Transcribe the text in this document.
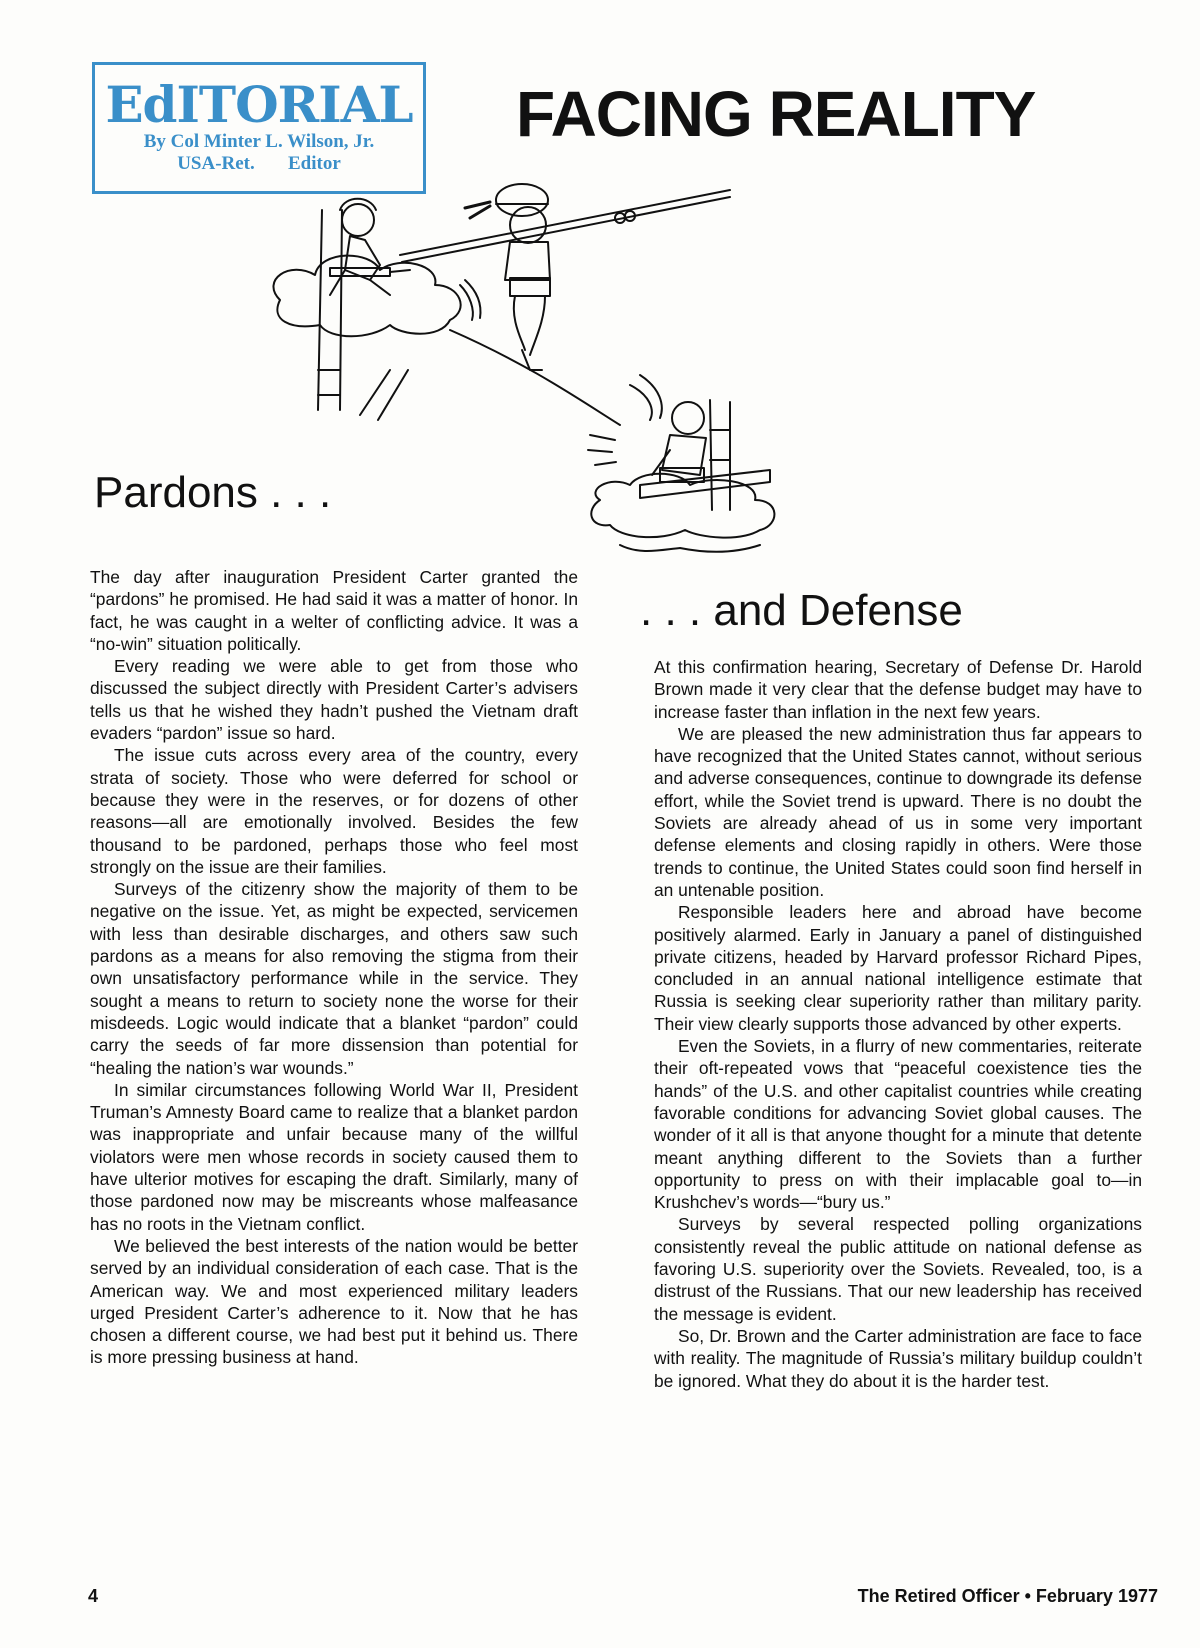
EdITORIAL
By Col Minter L. Wilson, Jr.
USA-Ret.       Editor
FACING REALITY
Pardons . . .

The day after inauguration President Carter granted the “pardons” he promised. He had said it was a matter of honor. In fact, he was caught in a welter of conflicting advice. It was a “no-win” situation politically.

Every reading we were able to get from those who discussed the subject directly with President Carter’s advisers tells us that he wished they hadn’t pushed the Vietnam draft evaders “pardon” issue so hard.

The issue cuts across every area of the country, every strata of society. Those who were deferred for school or because they were in the reserves, or for dozens of other reasons—all are emotionally involved. Besides the few thousand to be pardoned, perhaps those who feel most strongly on the issue are their families.

Surveys of the citizenry show the majority of them to be negative on the issue. Yet, as might be expected, servicemen with less than desirable discharges, and others saw such pardons as a means for also removing the stigma from their own unsatisfactory performance while in the service. They sought a means to return to society none the worse for their misdeeds. Logic would indicate that a blanket “pardon” could carry the seeds of far more dissension than potential for “healing the nation’s war wounds.”

In similar circumstances following World War II, President Truman’s Amnesty Board came to realize that a blanket pardon was inappropriate and unfair because many of the willful violators were men whose records in society caused them to have ulterior motives for escaping the draft. Similarly, many of those pardoned now may be miscreants whose malfeasance has no roots in the Vietnam conflict.

We believed the best interests of the nation would be better served by an individual consideration of each case. That is the American way. We and most experienced military leaders urged President Carter’s adherence to it. Now that he has chosen a different course, we had best put it behind us. There is more pressing business at hand.

. . . and Defense

At this confirmation hearing, Secretary of Defense Dr. Harold Brown made it very clear that the defense budget may have to increase faster than inflation in the next few years.

We are pleased the new administration thus far appears to have recognized that the United States cannot, without serious and adverse consequences, continue to downgrade its defense effort, while the Soviet trend is upward. There is no doubt the Soviets are already ahead of us in some very important defense elements and closing rapidly in others. Were those trends to continue, the United States could soon find herself in an untenable position.

Responsible leaders here and abroad have become positively alarmed. Early in January a panel of distinguished private citizens, headed by Harvard professor Richard Pipes, concluded in an annual national intelligence estimate that Russia is seeking clear superiority rather than military parity. Their view clearly supports those advanced by other experts.

Even the Soviets, in a flurry of new commentaries, reiterate their oft-repeated vows that “peaceful coexistence ties the hands” of the U.S. and other capitalist countries while creating favorable conditions for advancing Soviet global causes. The wonder of it all is that anyone thought for a minute that detente meant anything different to the Soviets than a further opportunity to press on with their implacable goal to—in Krushchev’s words—“bury us.”

Surveys by several respected polling organizations consistently reveal the public attitude on national defense as favoring U.S. superiority over the Soviets. Revealed, too, is a distrust of the Russians. That our new leadership has received the message is evident.

So, Dr. Brown and the Carter administration are face to face with reality. The magnitude of Russia’s military buildup couldn’t be ignored. What they do about it is the harder test.

4	The Retired Officer • February 1977
